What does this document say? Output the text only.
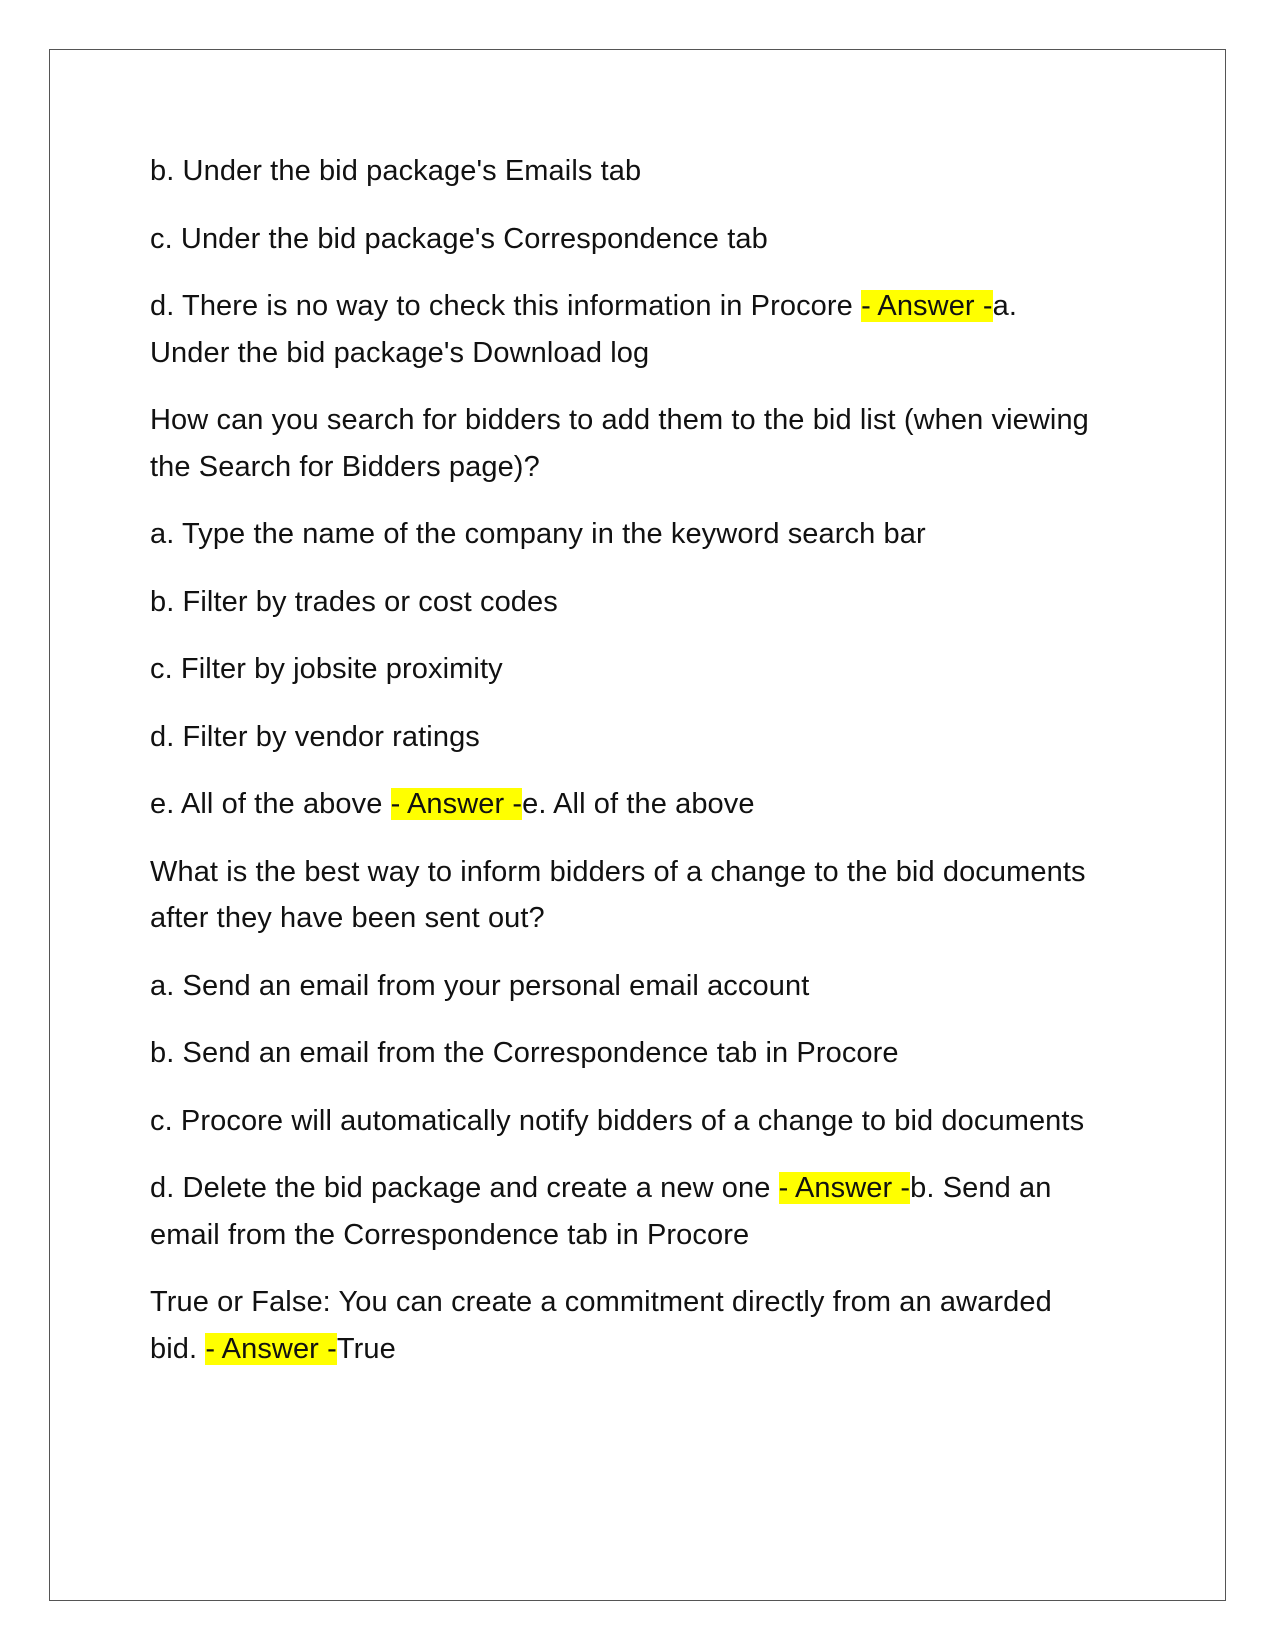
b. Under the bid package's Emails tab

c. Under the bid package's Correspondence tab

d. There is no way to check this information in Procore - Answer -a. Under the bid package's Download log

How can you search for bidders to add them to the bid list (when viewing the Search for Bidders page)?

a. Type the name of the company in the keyword search bar

b. Filter by trades or cost codes

c. Filter by jobsite proximity

d. Filter by vendor ratings

e. All of the above - Answer -e. All of the above

What is the best way to inform bidders of a change to the bid documents after they have been sent out?

a. Send an email from your personal email account

b. Send an email from the Correspondence tab in Procore

c. Procore will automatically notify bidders of a change to bid documents

d. Delete the bid package and create a new one - Answer -b. Send an email from the Correspondence tab in Procore

True or False: You can create a commitment directly from an awarded bid. - Answer -True
